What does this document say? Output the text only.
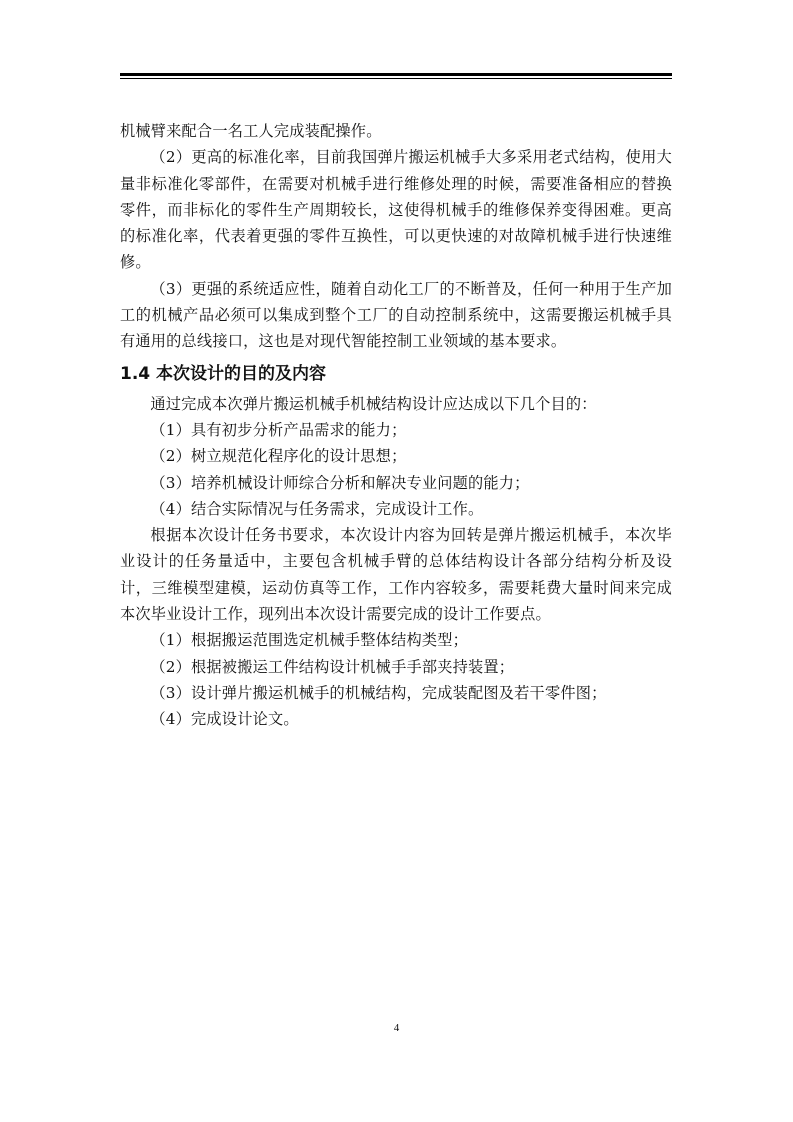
机械臂来配合一名工人完成装配操作。

（2）更高的标准化率，目前我国弹片搬运机械手大多采用老式结构，使用大量非标准化零部件，在需要对机械手进行维修处理的时候，需要准备相应的替换零件，而非标化的零件生产周期较长，这使得机械手的维修保养变得困难。更高的标准化率，代表着更强的零件互换性，可以更快速的对故障机械手进行快速维修。

（3）更强的系统适应性，随着自动化工厂的不断普及，任何一种用于生产加工的机械产品必须可以集成到整个工厂的自动控制系统中，这需要搬运机械手具有通用的总线接口，这也是对现代智能控制工业领域的基本要求。

1.4 本次设计的目的及内容

通过完成本次弹片搬运机械手机械结构设计应达成以下几个目的：

（1）具有初步分析产品需求的能力；

（2）树立规范化程序化的设计思想；

（3）培养机械设计师综合分析和解决专业问题的能力；

（4）结合实际情况与任务需求，完成设计工作。

根据本次设计任务书要求，本次设计内容为回转是弹片搬运机械手，本次毕业设计的任务量适中，主要包含机械手臂的总体结构设计各部分结构分析及设计，三维模型建模，运动仿真等工作，工作内容较多，需要耗费大量时间来完成本次毕业设计工作，现列出本次设计需要完成的设计工作要点。

（1）根据搬运范围选定机械手整体结构类型；

（2）根据被搬运工件结构设计机械手手部夹持装置；

（3）设计弹片搬运机械手的机械结构，完成装配图及若干零件图；

（4）完成设计论文。

4
